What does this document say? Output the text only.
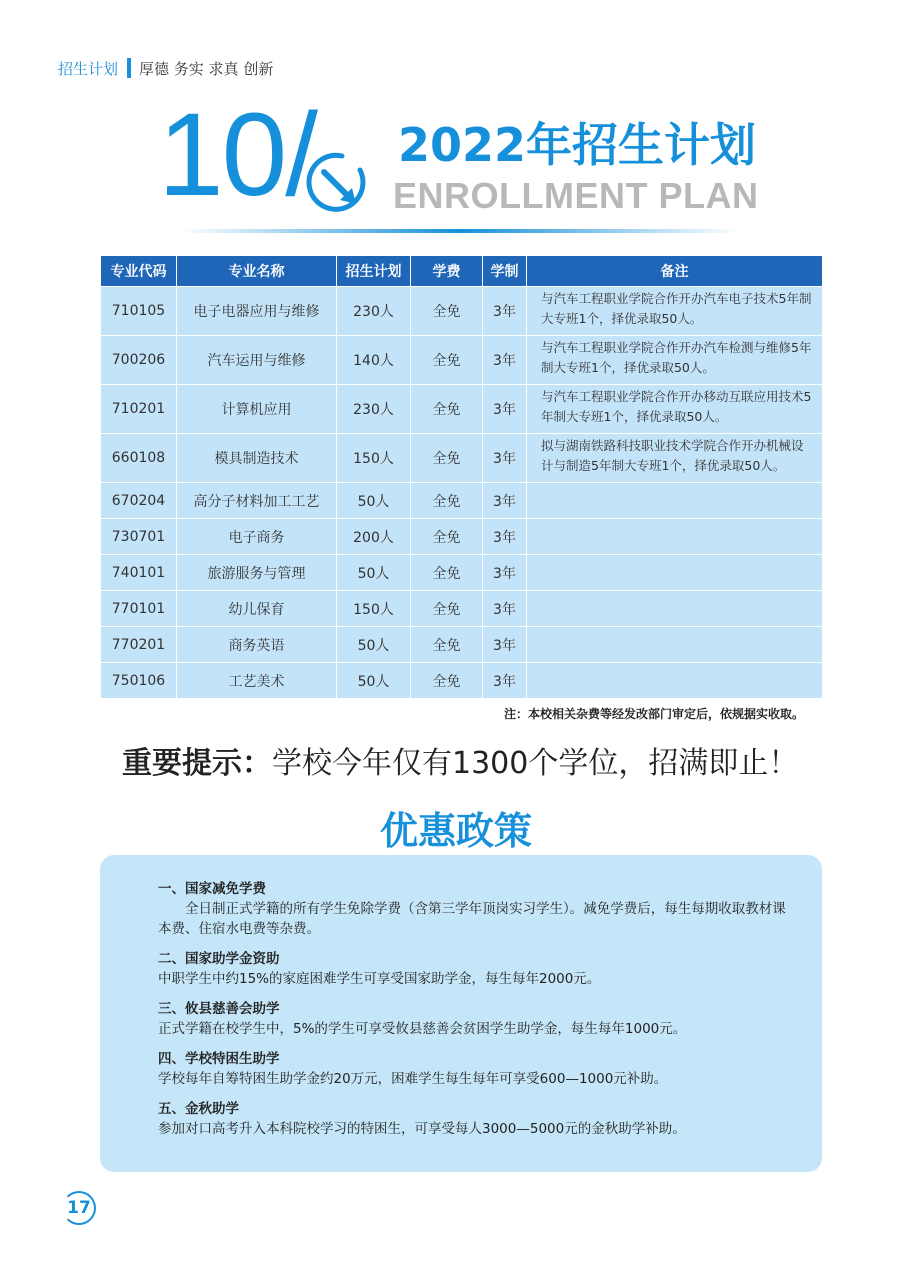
招生计划 厚德 务实 求真 创新
10/ 2022年招生计划
ENROLLMENT PLAN
专业代码	专业名称	招生计划	学费	学制	备注
710105	电子电器应用与维修	230人	全免	3年	与汽车工程职业学院合作开办汽车电子技术5年制大专班1个，择优录取50人。
700206	汽车运用与维修	140人	全免	3年	与汽车工程职业学院合作开办汽车检测与维修5年制大专班1个，择优录取50人。
710201	计算机应用	230人	全免	3年	与汽车工程职业学院合作开办移动互联应用技术5年制大专班1个，择优录取50人。
660108	模具制造技术	150人	全免	3年	拟与湖南铁路科技职业技术学院合作开办机械设计与制造5年制大专班1个，择优录取50人。
670204	高分子材料加工工艺	50人	全免	3年	
730701	电子商务	200人	全免	3年	
740101	旅游服务与管理	50人	全免	3年	
770101	幼儿保育	150人	全免	3年	
770201	商务英语	50人	全免	3年	
750106	工艺美术	50人	全免	3年	
注：本校相关杂费等经发改部门审定后，依规据实收取。
重要提示：学校今年仅有1300个学位，招满即止！
优惠政策
一、国家减免学费
全日制正式学籍的所有学生免除学费（含第三学年顶岗实习学生）。减免学费后，每生每期收取教材课本费、住宿水电费等杂费。
二、国家助学金资助
中职学生中约15%的家庭困难学生可享受国家助学金，每生每年2000元。
三、攸县慈善会助学
正式学籍在校学生中，5%的学生可享受攸县慈善会贫困学生助学金，每生每年1000元。
四、学校特困生助学
学校每年自筹特困生助学金约20万元，困难学生每生每年可享受600—1000元补助。
五、金秋助学
参加对口高考升入本科院校学习的特困生，可享受每人3000—5000元的金秋助学补助。
17
